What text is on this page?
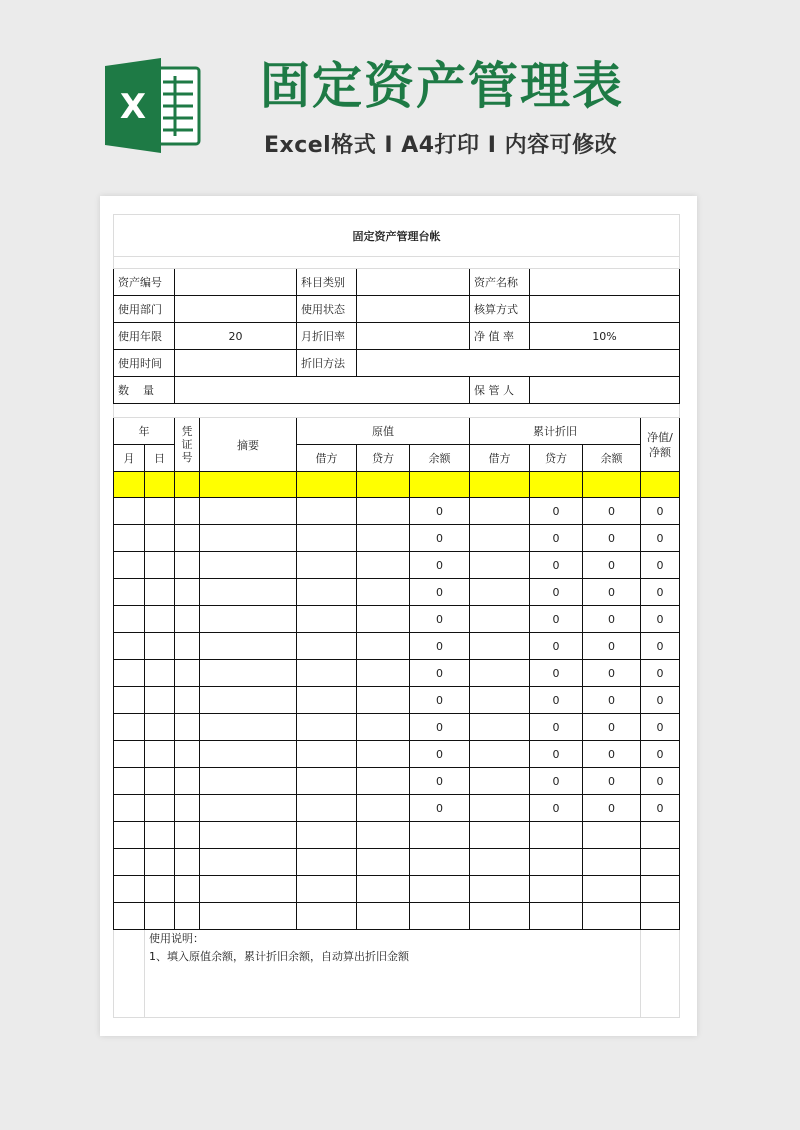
X 固定资产管理表
Excel格式 I A4打印 I 内容可修改
固定资产管理台帐										

资产编号				科目类别			资产名称			
使用部门				使用状态			核算方式			
使用年限		20		月折旧率			净 值 率	10%		
使用时间				折旧方法						
数    量							保 管 人			

年		凭证号	摘要	原值			累计折旧			净值/净额
月	日			借方	贷方	余额	借方	贷方	余额	

						0		0	0	0
						0		0	0	0
						0		0	0	0
						0		0	0	0
						0		0	0	0
						0		0	0	0
						0		0	0	0
						0		0	0	0
						0		0	0	0
						0		0	0	0
						0		0	0	0
						0		0	0	0

	使用说明：
1、填入原值余额，累计折旧余额，自动算出折旧金额									
